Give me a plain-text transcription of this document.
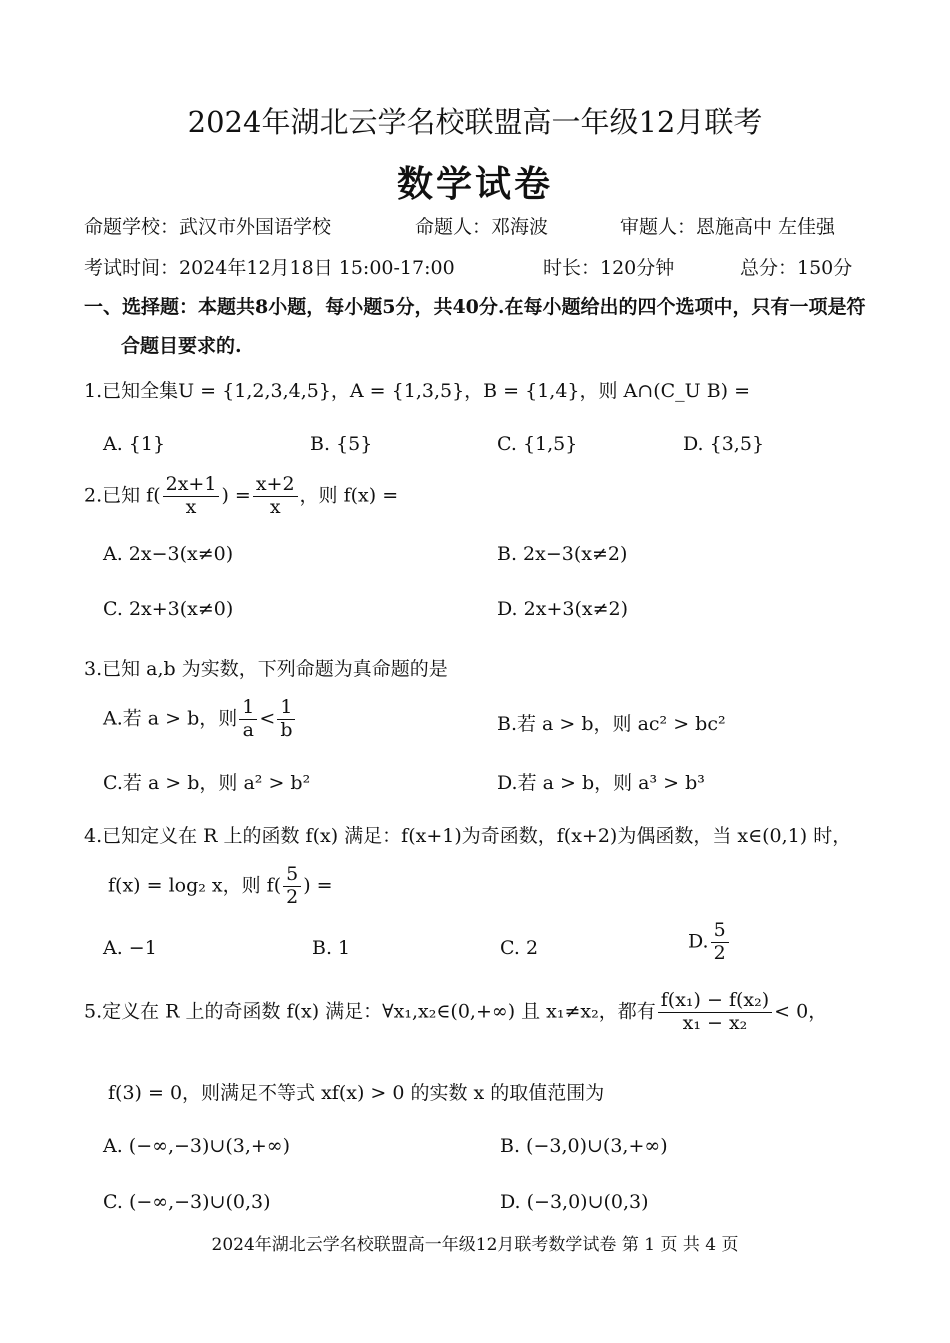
2024年湖北云学名校联盟高一年级12月联考
数学试卷
命题学校：武汉市外国语学校	命题人：邓海波	审题人：恩施高中 左佳强
考试时间：2024年12月18日 15:00-17:00	时长：120分钟	总分：150分
一、选择题：本题共8小题，每小题5分，共40分.在每小题给出的四个选项中，只有一项是符
合题目要求的.
1.已知全集U = {1,2,3,4,5}，A = {1,3,5}，B = {1,4}，则 A∩(C_U B) =
A. {1}	B. {5}	C. {1,5}	D. {3,5}
2.已知 $f( \frac{2x+1}{x}$ ) = $\frac{x+2}{x}$ ，则 f(x) =
A. 2x−3(x≠0)	B. 2x−3(x≠2)
C. 2x+3(x≠0)	D. 2x+3(x≠2)
3.已知 a,b 为实数，下列命题为真命题的是
A.若 a > b，则 $\frac{1}{a} < \frac{1}{b}$	B.若 a > b，则 ac² > bc²
C.若 a > b，则 a² > b²	D.若 a > b，则 a³ > b³
4.已知定义在 R 上的函数 f(x) 满足：f(x+1)为奇函数，f(x+2)为偶函数，当 x∈(0,1) 时，
f(x) = log₂ x，则 $f( \frac{5}{2}$ ) =
A. −1	B. 1	C. 2	D. $\frac{5}{2}$
5.定义在 R 上的奇函数 f(x) 满足：∀x₁,x₂∈(0,+∞) 且 x₁≠x₂，都有 $\frac{\text{f(x₁) − f(x₂)}}{\text{x₁ − x₂}} < 0$，
f(3) = 0，则满足不等式 xf(x) > 0 的实数 x 的取值范围为
A. (−∞,−3)∪(3,+∞)	B. (−3,0)∪(3,+∞)
C. (−∞,−3)∪(0,3)	D. (−3,0)∪(0,3)
2024年湖北云学名校联盟高一年级12月联考数学试卷 第 1 页 共 4 页
